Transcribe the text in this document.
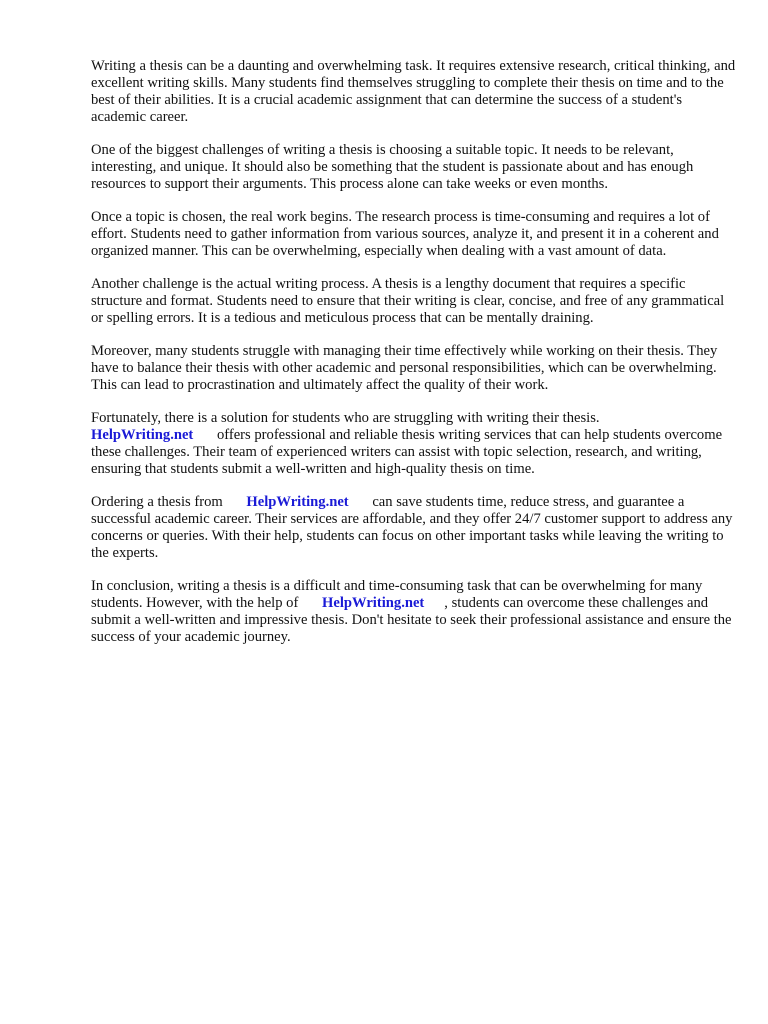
Writing a thesis can be a daunting and overwhelming task. It requires extensive research, critical thinking, and excellent writing skills. Many students find themselves struggling to complete their thesis on time and to the best of their abilities. It is a crucial academic assignment that can determine the success of a student's academic career.

One of the biggest challenges of writing a thesis is choosing a suitable topic. It needs to be relevant, interesting, and unique. It should also be something that the student is passionate about and has enough resources to support their arguments. This process alone can take weeks or even months.

Once a topic is chosen, the real work begins. The research process is time-consuming and requires a lot of effort. Students need to gather information from various sources, analyze it, and present it in a coherent and organized manner. This can be overwhelming, especially when dealing with a vast amount of data.

Another challenge is the actual writing process. A thesis is a lengthy document that requires a specific structure and format. Students need to ensure that their writing is clear, concise, and free of any grammatical or spelling errors. It is a tedious and meticulous process that can be mentally draining.

Moreover, many students struggle with managing their time effectively while working on their thesis. They have to balance their thesis with other academic and personal responsibilities, which can be overwhelming. This can lead to procrastination and ultimately affect the quality of their work.

Fortunately, there is a solution for students who are struggling with writing their thesis.
HelpWriting.net offers professional and reliable thesis writing services that can help students overcome these challenges. Their team of experienced writers can assist with topic selection, research, and writing, ensuring that students submit a well-written and high-quality thesis on time.

Ordering a thesis from HelpWriting.net can save students time, reduce stress, and guarantee a successful academic career. Their services are affordable, and they offer 24/7 customer support to address any concerns or queries. With their help, students can focus on other important tasks while leaving the writing to the experts.

In conclusion, writing a thesis is a difficult and time-consuming task that can be overwhelming for many students. However, with the help of HelpWriting.net , students can overcome these challenges and submit a well-written and impressive thesis. Don't hesitate to seek their professional assistance and ensure the success of your academic journey.
